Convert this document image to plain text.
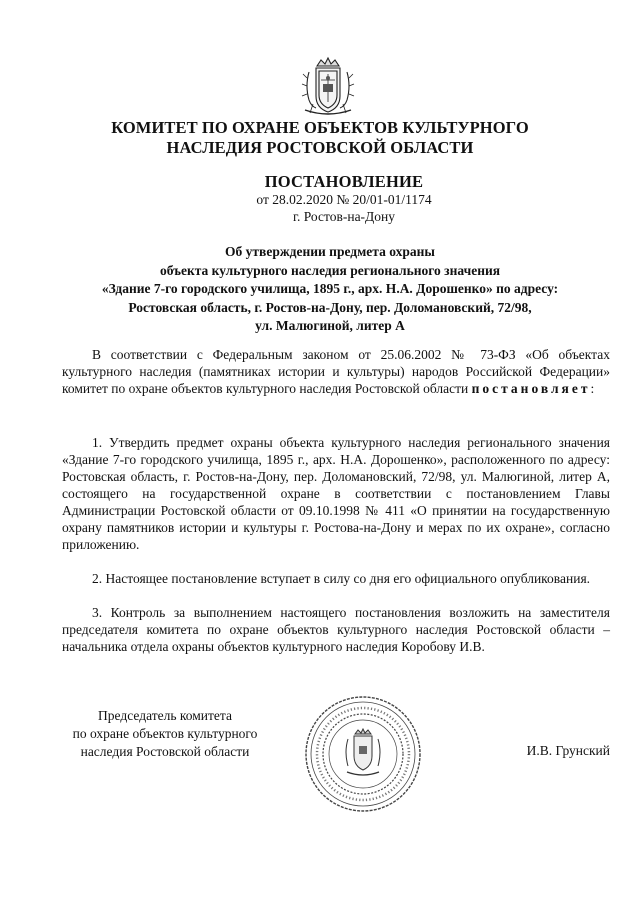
КОМИТЕТ ПО ОХРАНЕ ОБЪЕКТОВ КУЛЬТУРНОГО
НАСЛЕДИЯ РОСТОВСКОЙ ОБЛАСТИ
ПОСТАНОВЛЕНИЕ
от 28.02.2020 № 20/01-01/1174
г. Ростов-на-Дону
Об утверждении предмета охраны
объекта культурного наследия регионального значения
«Здание 7-го городского училища, 1895 г., арх. Н.А. Дорошенко» по адресу:
Ростовская область, г. Ростов-на-Дону, пер. Доломановский, 72/98,
ул. Малюгиной, литер А
В соответствии с Федеральным законом от 25.06.2002 № 73-ФЗ «Об объектах культурного наследия (памятниках истории и культуры) народов Российской Федерации» комитет по охране объектов культурного наследия Ростовской области постановляет:
1. Утвердить предмет охраны объекта культурного наследия регионального значения «Здание 7-го городского училища, 1895 г., арх. Н.А. Дорошенко», расположенного по адресу: Ростовская область, г. Ростов-на-Дону, пер. Доломановский, 72/98, ул. Малюгиной, литер А, состоящего на государственной охране в соответствии с постановлением Главы Администрации Ростовской области от 09.10.1998 № 411 «О принятии на государственную охрану памятников истории и культуры г. Ростова-на-Дону и мерах по их охране», согласно приложению.
2. Настоящее постановление вступает в силу со дня его официального опубликования.
3. Контроль за выполнением настоящего постановления возложить на заместителя председателя комитета по охране объектов культурного наследия Ростовской области – начальника отдела охраны объектов культурного наследия Коробову И.В.
Председатель комитета
по охране объектов культурного
наследия Ростовской области	И.В. Грунский
